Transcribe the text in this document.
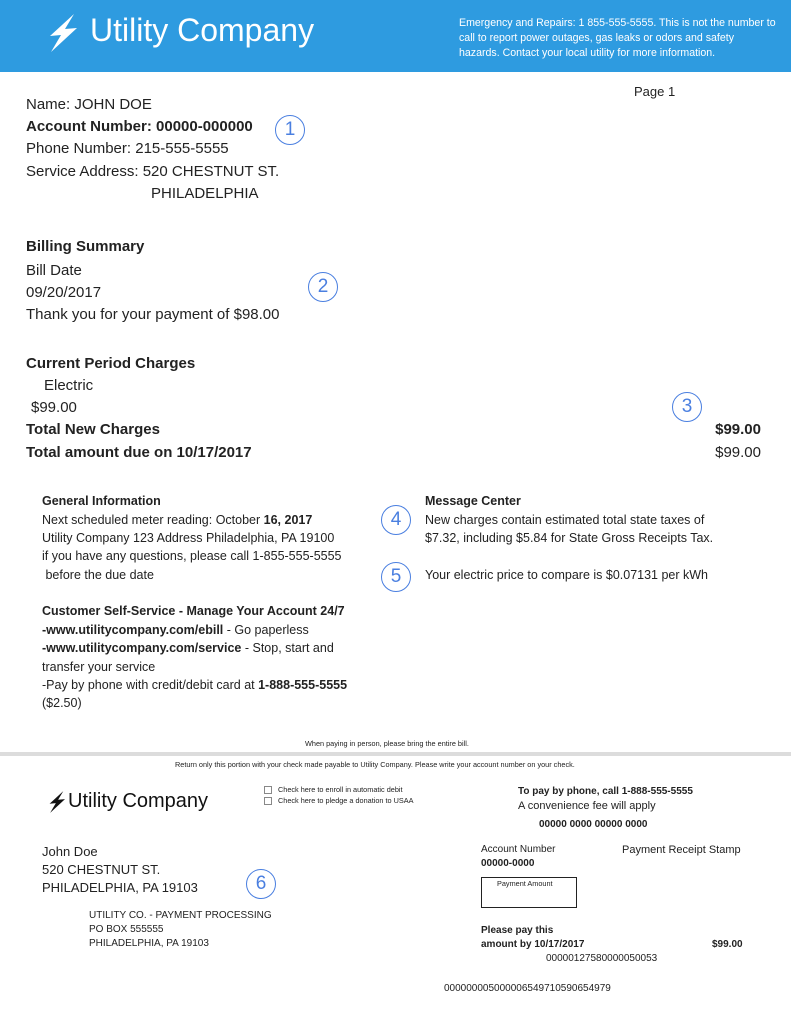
Utility Company	Emergency and Repairs: 1 855-555-5555. This is not the number to call to report power outages, gas leaks or odors and safety hazards. Contact your local utility for more information.
Page 1
Name: JOHN DOE
Account Number: 00000-000000
Phone Number: 215-555-5555
Service Address: 520 CHESTNUT ST.
PHILADELPHIA
1
Billing Summary
Bill Date
09/20/2017
Thank you for your payment of $98.00
2
Current Period Charges
Electric
$99.00
Total New Charges	$99.00
Total amount due on 10/17/2017	$99.00
3
General Information
Next scheduled meter reading: October 16, 2017
Utility Company 123 Address Philadelphia, PA 19100
if you have any questions, please call 1-855-555-5555
before the due date
Customer Self-Service - Manage Your Account 24/7
-www.utilitycompany.com/ebill - Go paperless
-www.utilitycompany.com/service - Stop, start and
transfer your service
-Pay by phone with credit/debit card at 1-888-555-5555
($2.50)
Message Center
New charges contain estimated total state taxes of
$7.32, including $5.84 for State Gross Receipts Tax.
Your electric price to compare is $0.07131 per kWh
4
5
When paying in person, please bring the entire bill.
Return only this portion with your check made payable to Utility Company. Please write your account number on your check.
Utility Company
Check here to enroll in automatic debit
Check here to pledge a donation to USAA
John Doe
520 CHESTNUT ST.
PHILADELPHIA, PA 19103	6
UTILITY CO. - PAYMENT PROCESSING
PO BOX 555555
PHILADELPHIA, PA 19103
To pay by phone, call 1-888-555-5555
A convenience fee will apply
00000 0000 00000 0000
Account Number
00000-0000
Payment Receipt Stamp
Payment Amount
Please pay this
amount by 10/17/2017	$99.00
00000127580000050053
00000000500000654971059065497​9
